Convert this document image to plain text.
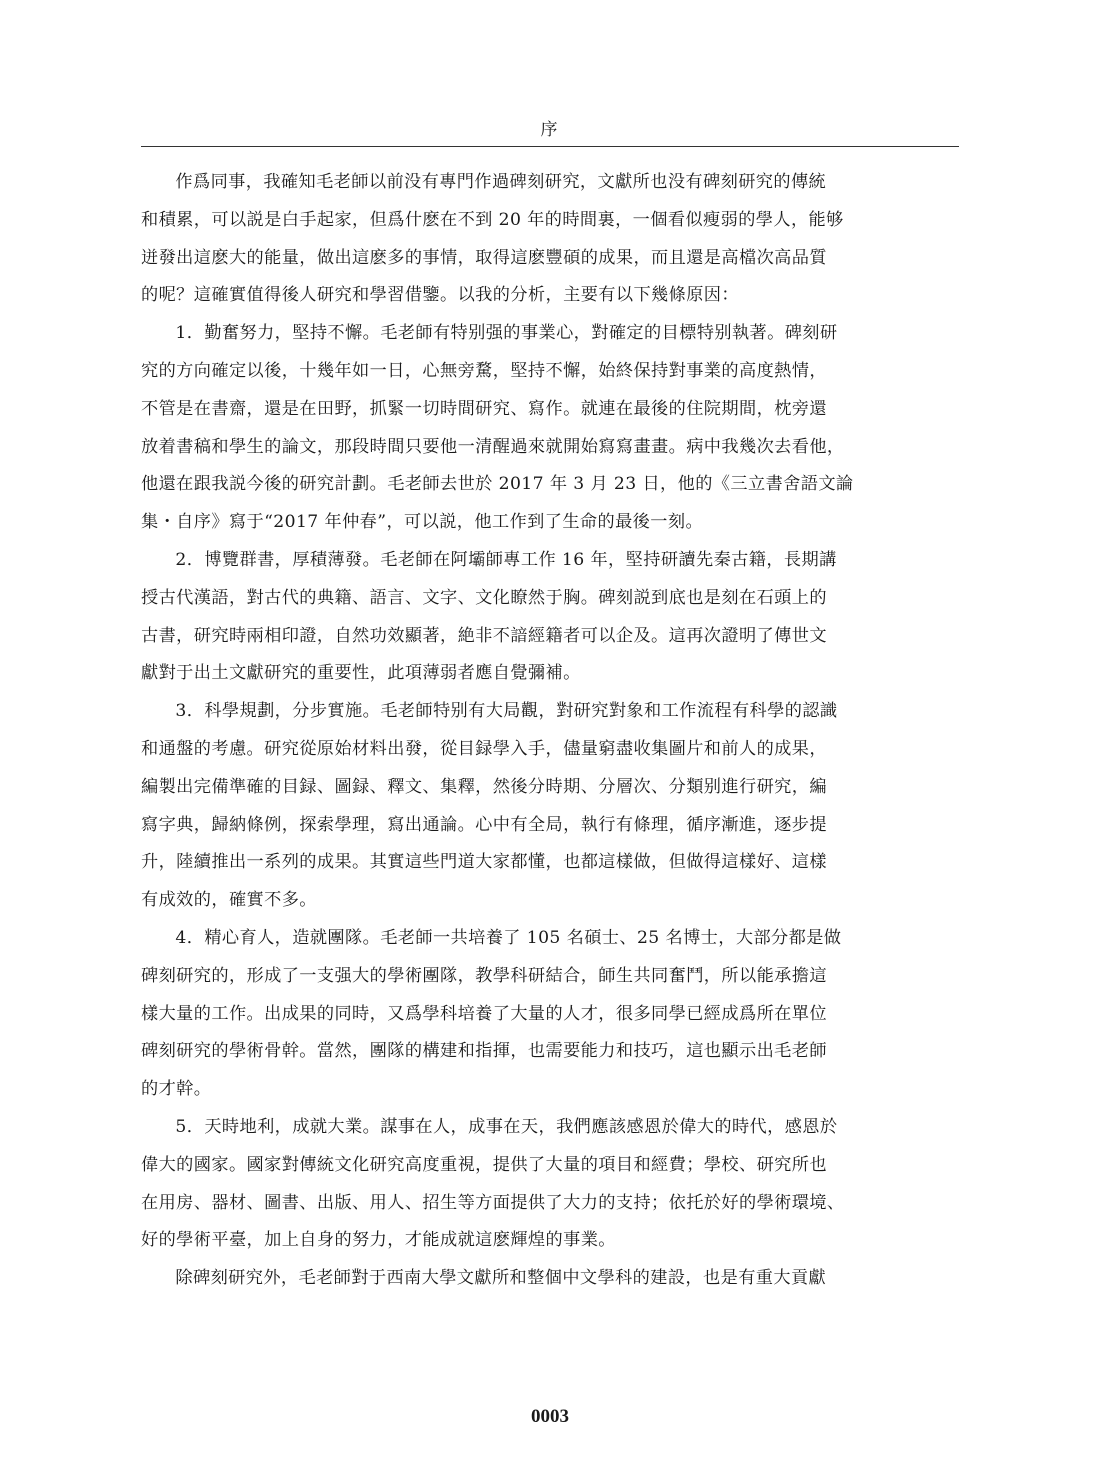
序

作爲同事，我確知毛老師以前没有專門作過碑刻研究，文獻所也没有碑刻研究的傳統
和積累，可以説是白手起家，但爲什麽在不到 20 年的時間裏，一個看似瘦弱的學人，能够
迸發出這麽大的能量，做出這麽多的事情，取得這麽豐碩的成果，而且還是高檔次高品質
的呢？這確實值得後人研究和學習借鑒。以我的分析，主要有以下幾條原因：

1．勤奮努力，堅持不懈。毛老師有特别强的事業心，對確定的目標特别執著。碑刻研
究的方向確定以後，十幾年如一日，心無旁騖，堅持不懈，始終保持對事業的高度熱情，
不管是在書齋，還是在田野，抓緊一切時間研究、寫作。就連在最後的住院期間，枕旁還
放着書稿和學生的論文，那段時間只要他一清醒過來就開始寫寫畫畫。病中我幾次去看他，
他還在跟我説今後的研究計劃。毛老師去世於 2017 年 3 月 23 日，他的《三立書舍語文論
集・自序》寫于“2017 年仲春”，可以説，他工作到了生命的最後一刻。

2．博覽群書，厚積薄發。毛老師在阿壩師專工作 16 年，堅持研讀先秦古籍，長期講
授古代漢語，對古代的典籍、語言、文字、文化瞭然于胸。碑刻説到底也是刻在石頭上的
古書，研究時兩相印證，自然功效顯著，絶非不諳經籍者可以企及。這再次證明了傳世文
獻對于出土文獻研究的重要性，此項薄弱者應自覺彌補。

3．科學規劃，分步實施。毛老師特别有大局觀，對研究對象和工作流程有科學的認識
和通盤的考慮。研究從原始材料出發，從目録學入手，儘量窮盡收集圖片和前人的成果，
編製出完備準確的目録、圖録、釋文、集釋，然後分時期、分層次、分類别進行研究，編
寫字典，歸納條例，探索學理，寫出通論。心中有全局，執行有條理，循序漸進，逐步提
升，陸續推出一系列的成果。其實這些門道大家都懂，也都這樣做，但做得這樣好、這樣
有成效的，確實不多。

4．精心育人，造就團隊。毛老師一共培養了 105 名碩士、25 名博士，大部分都是做
碑刻研究的，形成了一支强大的學術團隊，教學科研結合，師生共同奮鬥，所以能承擔這
樣大量的工作。出成果的同時，又爲學科培養了大量的人才，很多同學已經成爲所在單位
碑刻研究的學術骨幹。當然，團隊的構建和指揮，也需要能力和技巧，這也顯示出毛老師
的才幹。

5．天時地利，成就大業。謀事在人，成事在天，我們應該感恩於偉大的時代，感恩於
偉大的國家。國家對傳統文化研究高度重視，提供了大量的項目和經費；學校、研究所也
在用房、器材、圖書、出版、用人、招生等方面提供了大力的支持；依托於好的學術環境、
好的學術平臺，加上自身的努力，才能成就這麽輝煌的事業。

除碑刻研究外，毛老師對于西南大學文獻所和整個中文學科的建設，也是有重大貢獻

0003
